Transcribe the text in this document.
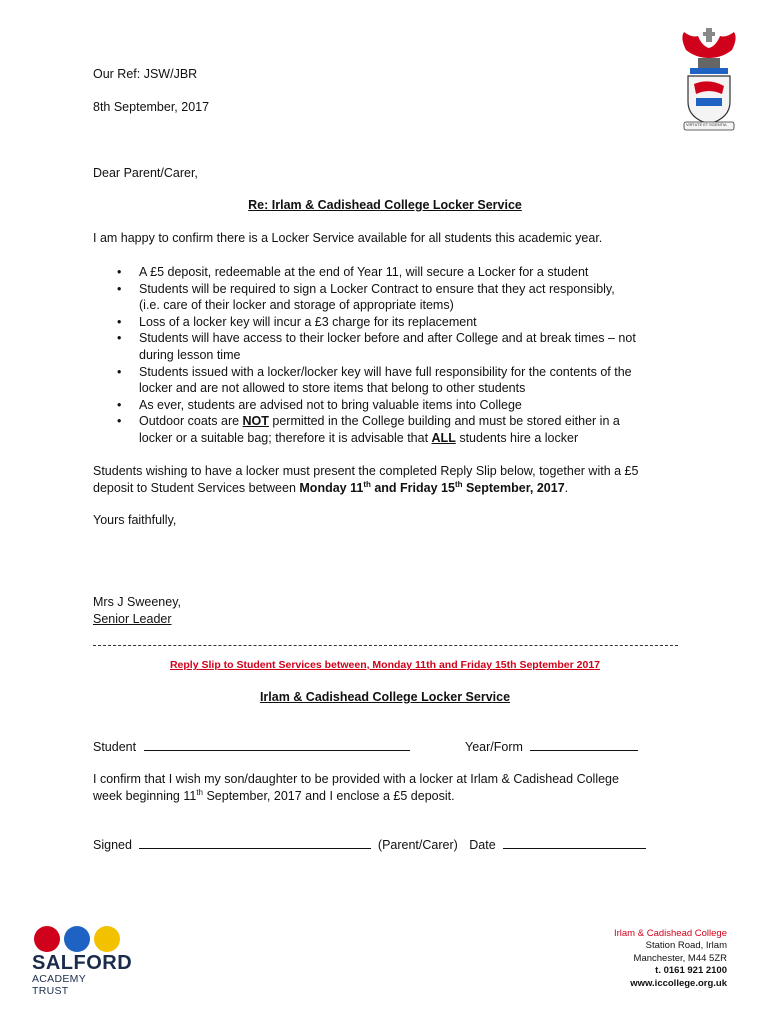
VIRTUTE ET SCIENTIA
Our Ref: JSW/JBR
8th September, 2017
Dear Parent/Carer,
Re: Irlam & Cadishead College Locker Service
I am happy to confirm there is a Locker Service available for all students this academic year.
• A £5 deposit, redeemable at the end of Year 11, will secure a Locker for a student
• Students will be required to sign a Locker Contract to ensure that they act responsibly,
(i.e. care of their locker and storage of appropriate items)
• Loss of a locker key will incur a £3 charge for its replacement
• Students will have access to their locker before and after College and at break times – not
during lesson time
• Students issued with a locker/locker key will have full responsibility for the contents of the
locker and are not allowed to store items that belong to other students
• As ever, students are advised not to bring valuable items into College
• Outdoor coats are NOT permitted in the College building and must be stored either in a
locker or a suitable bag; therefore it is advisable that ALL students hire a locker
Students wishing to have a locker must present the completed Reply Slip below, together with a £5
deposit to Student Services between Monday 11th and Friday 15th September, 2017.
Yours faithfully,
Mrs J Sweeney,
Senior Leader
Reply Slip to Student Services between, Monday 11th and Friday 15th September 2017
Irlam & Cadishead College Locker Service
Student	Year/Form
I confirm that I wish my son/daughter to be provided with a locker at Irlam & Cadishead College
week beginning 11th September, 2017 and I enclose a £5 deposit.
Signed	(Parent/Carer) Date
SALFORD
ACADEMY TRUST
Irlam & Cadishead College
Station Road, Irlam
Manchester, M44 5ZR
t. 0161 921 2100
www.iccollege.org.uk
